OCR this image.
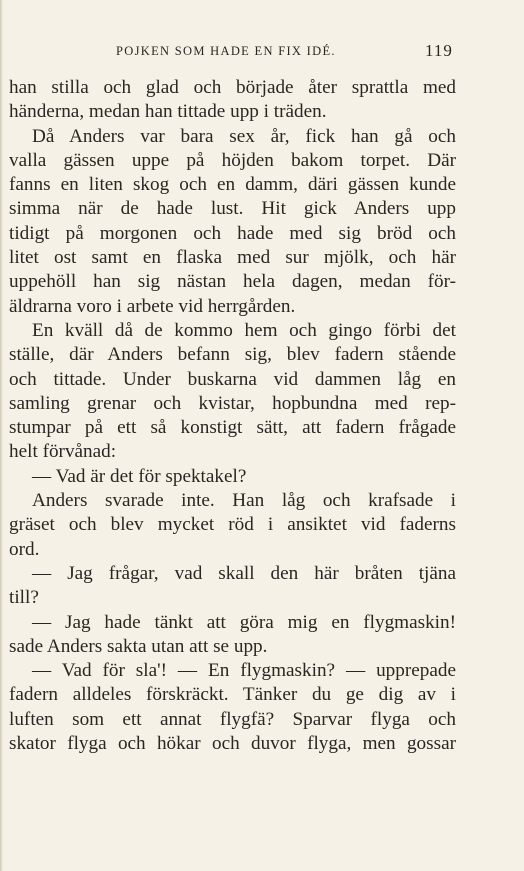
POJKEN SOM HADE EN FIX IDÉ.	119
han stilla och glad och började åter sprattla med
händerna, medan han tittade upp i träden.
Då Anders var bara sex år, fick han gå och
valla gässen uppe på höjden bakom torpet. Där
fanns en liten skog och en damm, däri gässen kunde
simma när de hade lust. Hit gick Anders upp
tidigt på morgonen och hade med sig bröd och
litet ost samt en flaska med sur mjölk, och här
uppehöll han sig nästan hela dagen, medan för-
äldrarna voro i arbete vid herrgården.
En kväll då de kommo hem och gingo förbi det
ställe, där Anders befann sig, blev fadern stående
och tittade. Under buskarna vid dammen låg en
samling grenar och kvistar, hopbundna med rep-
stumpar på ett så konstigt sätt, att fadern frågade
helt förvånad:
— Vad är det för spektakel?
Anders svarade inte. Han låg och krafsade i
gräset och blev mycket röd i ansiktet vid faderns
ord.
— Jag frågar, vad skall den här bråten tjäna
till?
— Jag hade tänkt att göra mig en flygmaskin!
sade Anders sakta utan att se upp.
— Vad för sla'! — En flygmaskin? — upprepade
fadern alldeles förskräckt. Tänker du ge dig av i
luften som ett annat flygfä? Sparvar flyga och
skator flyga och hökar och duvor flyga, men gossar
